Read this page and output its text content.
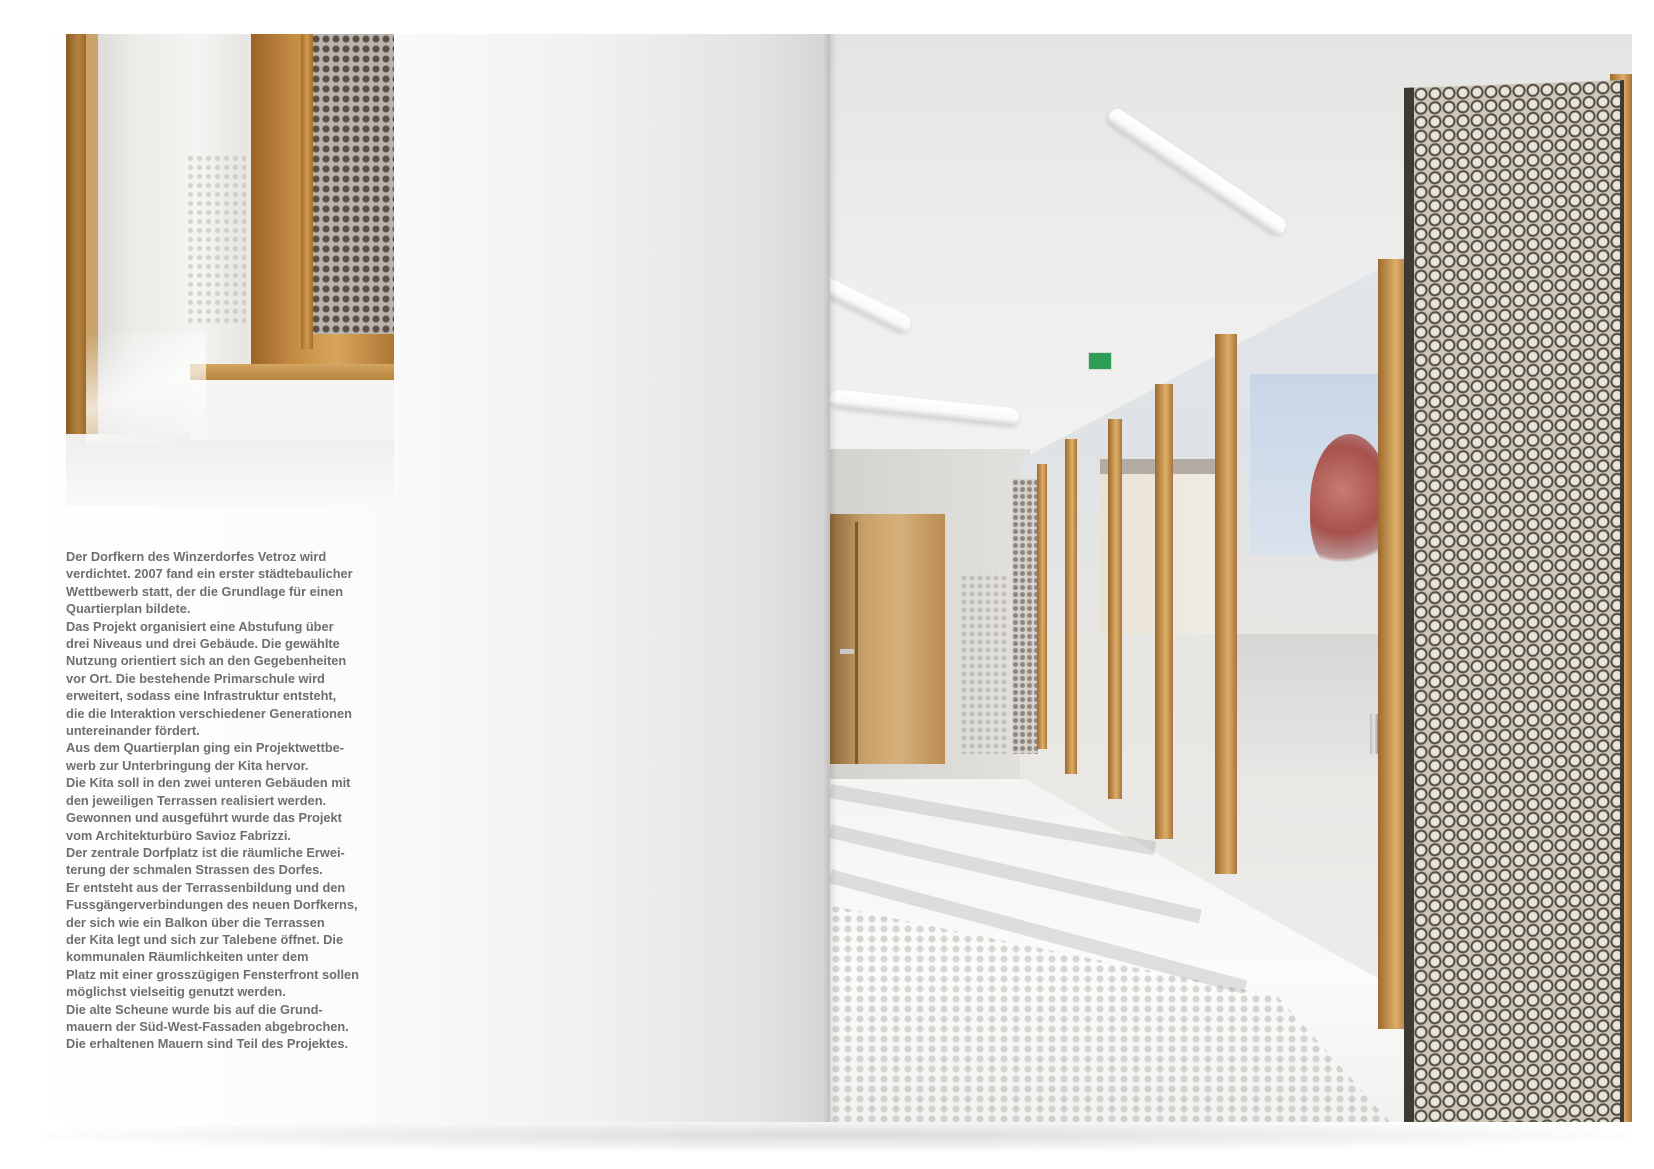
Der Dorfkern des Winzerdorfes Vetroz wird
verdichtet. 2007 fand ein erster städtebaulicher
Wettbewerb statt, der die Grundlage für einen
Quartierplan bildete.
Das Projekt organisiert eine Abstufung über
drei Niveaus und drei Gebäude. Die gewählte
Nutzung orientiert sich an den Gegebenheiten
vor Ort. Die bestehende Primarschule wird
erweitert, sodass eine Infrastruktur entsteht,
die die Interaktion verschiedener Generationen
untereinander fördert.
Aus dem Quartierplan ging ein Projektwettbe-
werb zur Unterbringung der Kita hervor.
Die Kita soll in den zwei unteren Gebäuden mit
den jeweiligen Terrassen realisiert werden.
Gewonnen und ausgeführt wurde das Projekt
vom Architekturbüro Savioz Fabrizzi.
Der zentrale Dorfplatz ist die räumliche Erwei-
terung der schmalen Strassen des Dorfes.
Er entsteht aus der Terrassenbildung und den
Fussgängerverbindungen des neuen Dorfkerns,
der sich wie ein Balkon über die Terrassen
der Kita legt und sich zur Talebene öffnet. Die
kommunalen Räumlichkeiten unter dem
Platz mit einer grosszügigen Fensterfront sollen
möglichst vielseitig genutzt werden.
Die alte Scheune wurde bis auf die Grund-
mauern der Süd-West-Fassaden abgebrochen.
Die erhaltenen Mauern sind Teil des Projektes.
